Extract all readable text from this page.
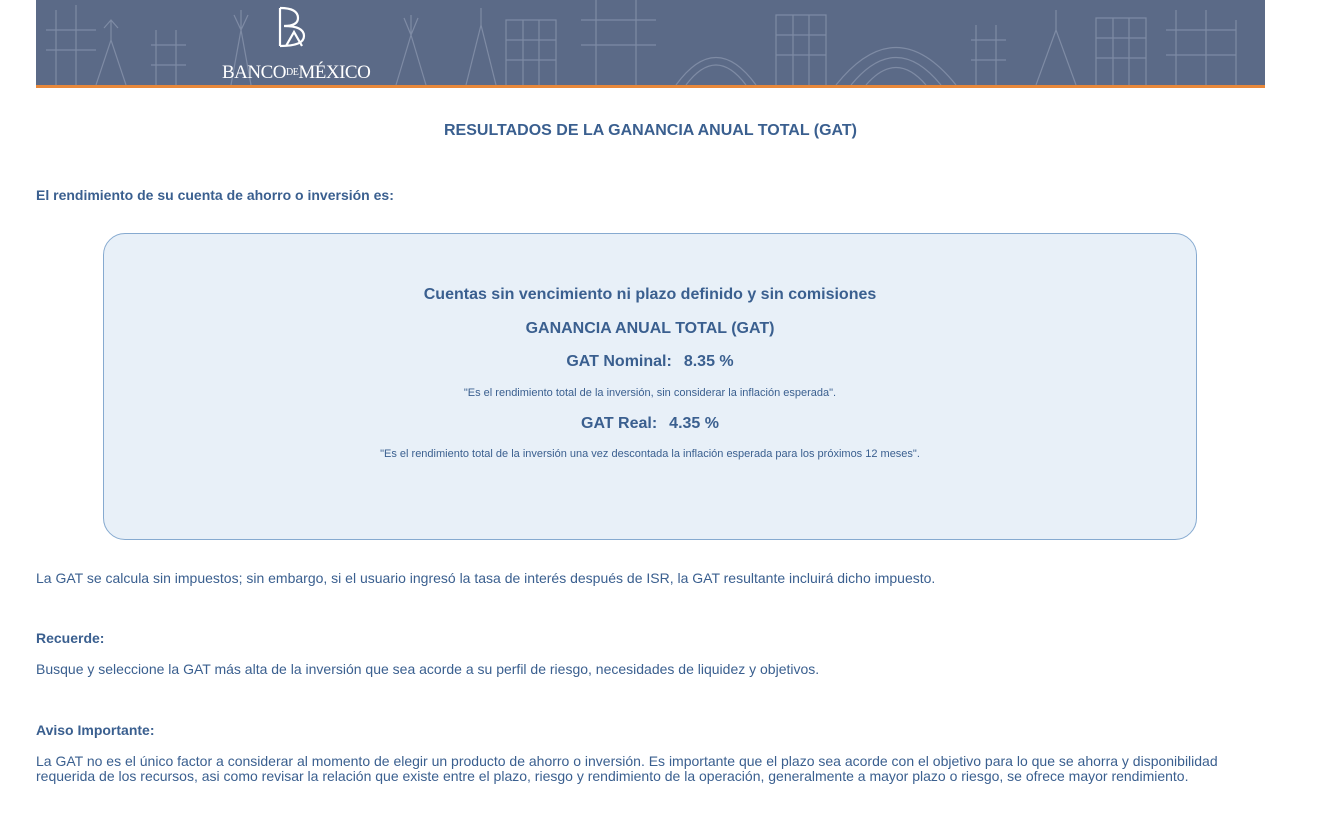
BANCODEMÉXICO
RESULTADOS DE LA GANANCIA ANUAL TOTAL (GAT)
El rendimiento de su cuenta de ahorro o inversión es:
Cuentas sin vencimiento ni plazo definido y sin comisiones
GANANCIA ANUAL TOTAL (GAT)
GAT Nominal: 8.35 %
"Es el rendimiento total de la inversión, sin considerar la inflación esperada".
GAT Real: 4.35 %
"Es el rendimiento total de la inversión una vez descontada la inflación esperada para los próximos 12 meses".
La GAT se calcula sin impuestos; sin embargo, si el usuario ingresó la tasa de interés después de ISR, la GAT resultante incluirá dicho impuesto.
Recuerde:
Busque y seleccione la GAT más alta de la inversión que sea acorde a su perfil de riesgo, necesidades de liquidez y objetivos.
Aviso Importante:
La GAT no es el único factor a considerar al momento de elegir un producto de ahorro o inversión. Es importante que el plazo sea acorde con el objetivo para lo que se ahorra y disponibilidad requerida de los recursos, asi como revisar la relación que existe entre el plazo, riesgo y rendimiento de la operación, generalmente a mayor plazo o riesgo, se ofrece mayor rendimiento.
